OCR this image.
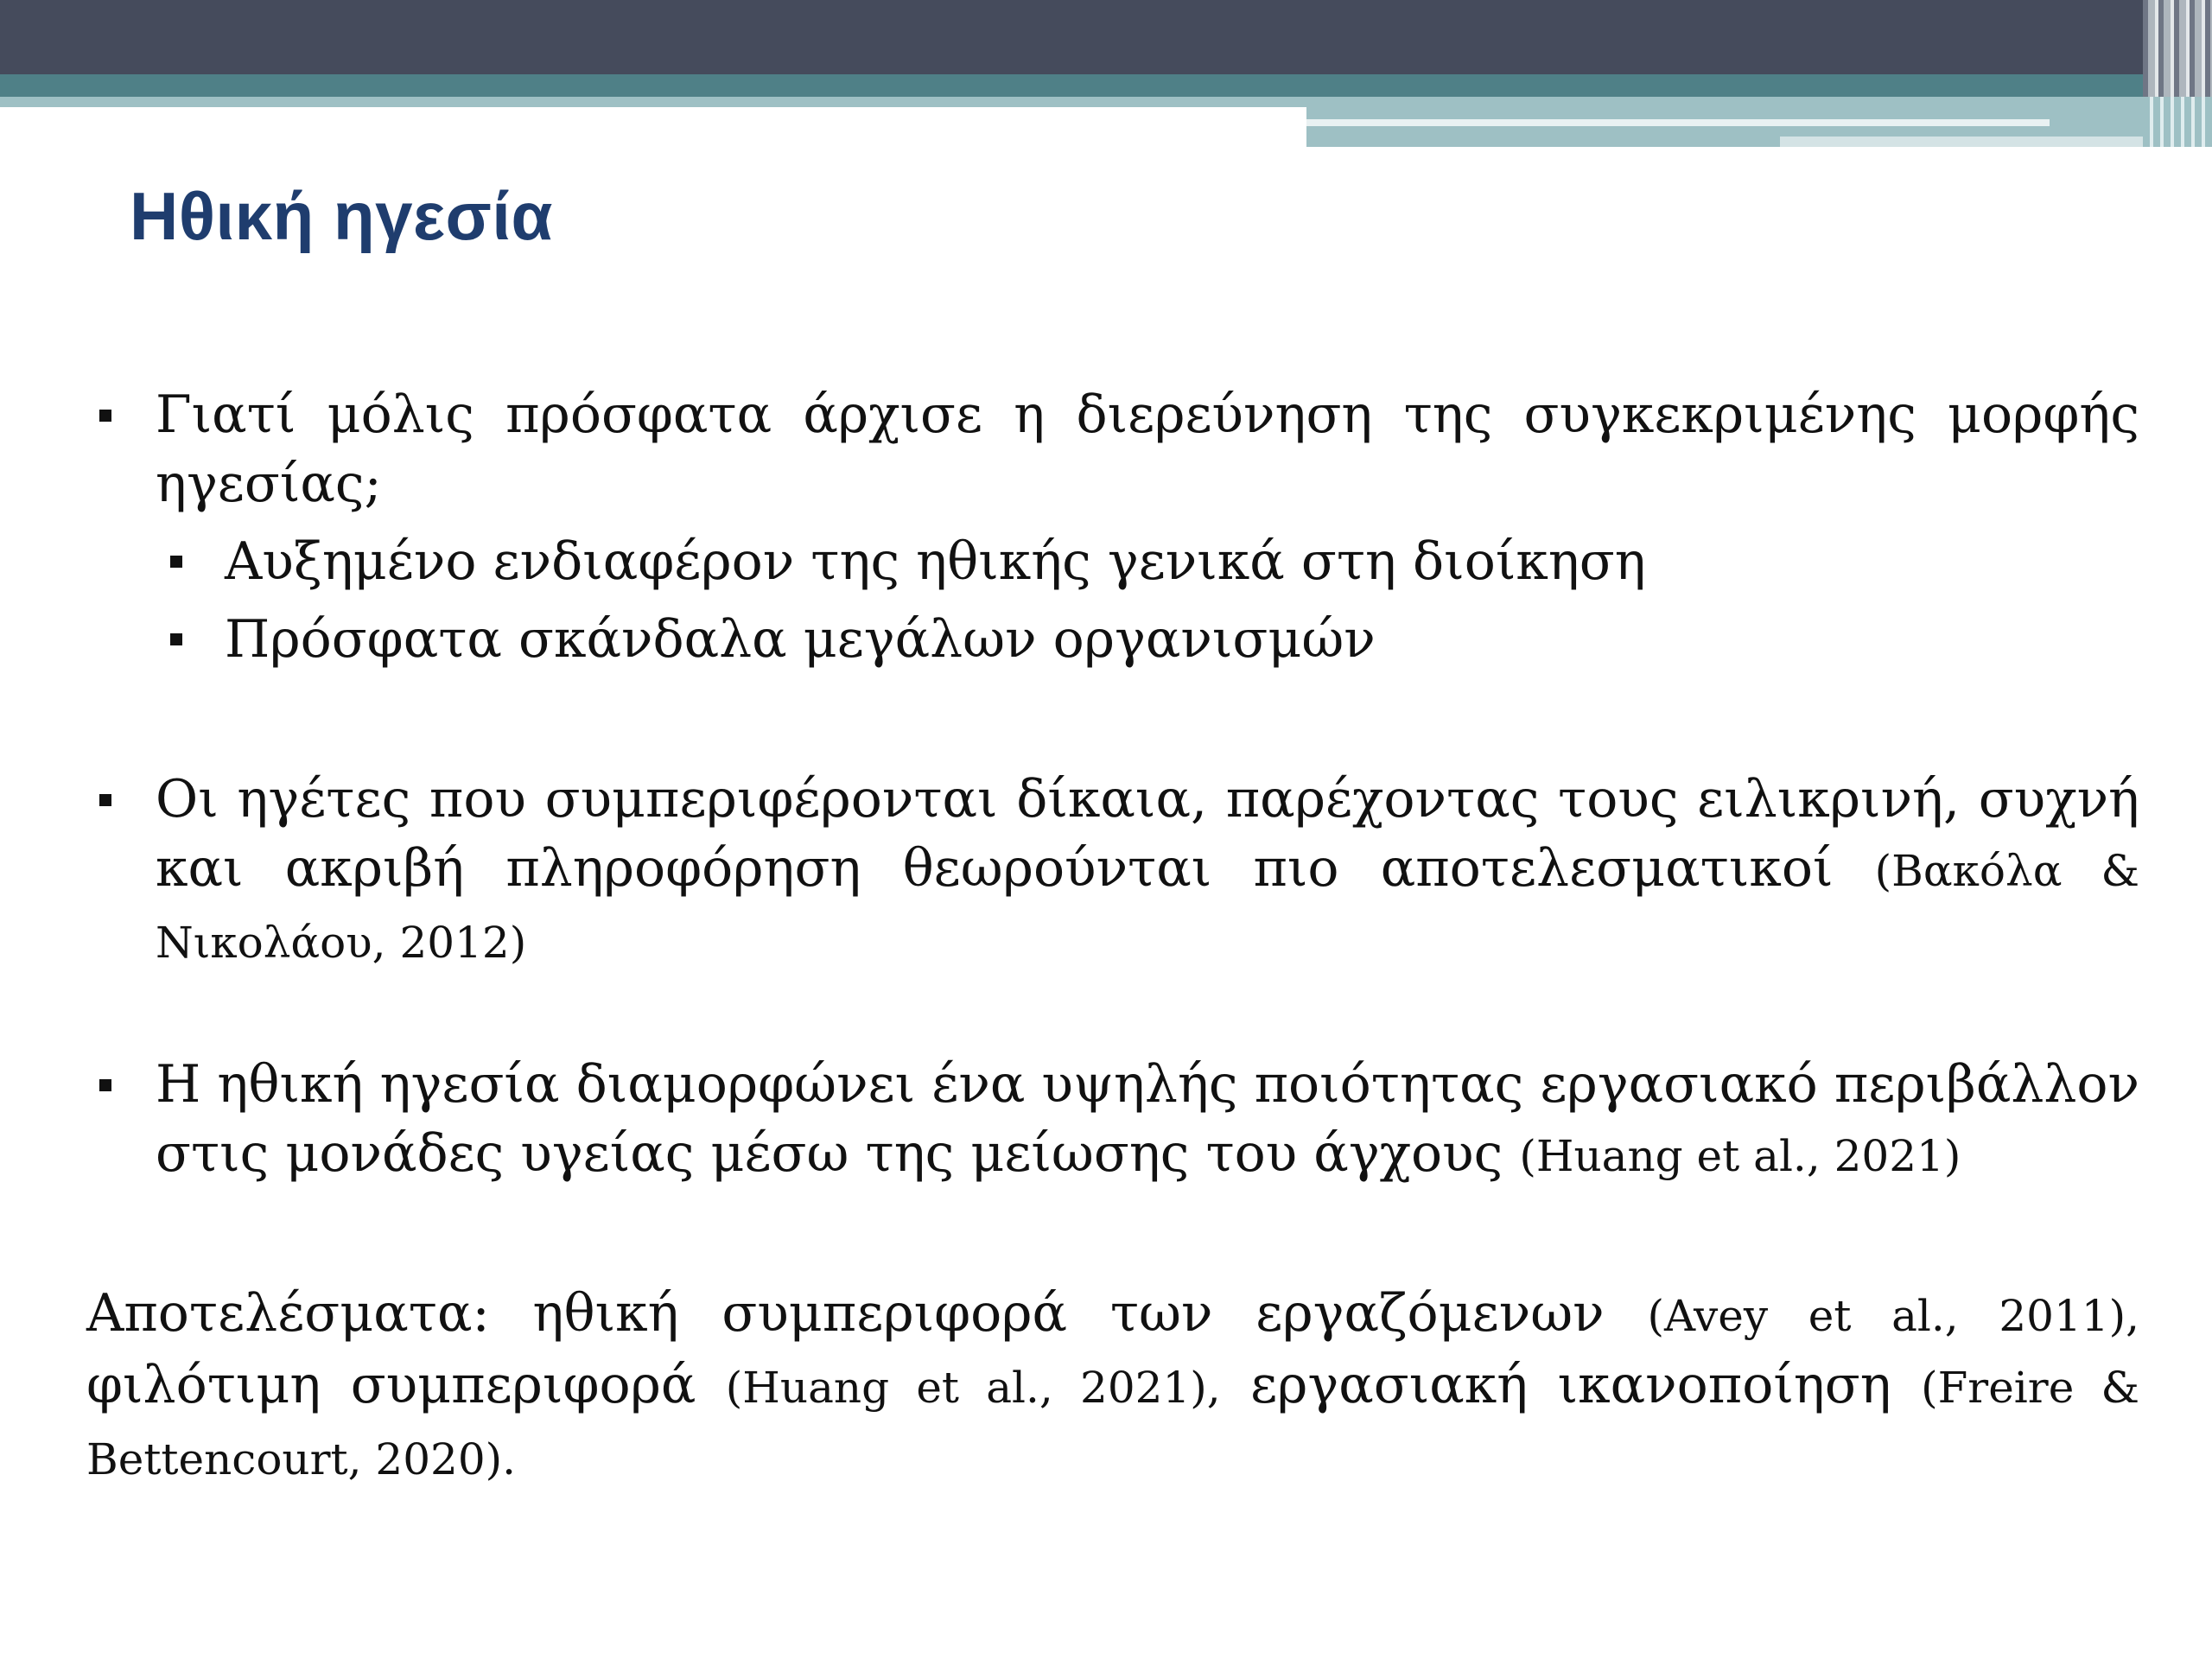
Ηθική ηγεσία
Γιατί μόλις πρόσφατα άρχισε η διερεύνηση της συγκεκριμένης μορφής ηγεσίας;
Αυξημένο ενδιαφέρον της ηθικής γενικά στη διοίκηση
Πρόσφατα σκάνδαλα μεγάλων οργανισμών
Οι ηγέτες που συμπεριφέρονται δίκαια, παρέχοντας τους ειλικρινή, συχνή και ακριβή πληροφόρηση θεωρούνται πιο αποτελεσματικοί (Βακόλα & Νικολάου, 2012)
Η ηθική ηγεσία διαμορφώνει ένα υψηλής ποιότητας εργασιακό περιβάλλον στις μονάδες υγείας μέσω της μείωσης του άγχους (Huang et al., 2021)
Αποτελέσματα: ηθική συμπεριφορά των εργαζόμενων (Avey et al., 2011), φιλότιμη συμπεριφορά (Huang et al., 2021), εργασιακή ικανοποίηση (Freire & Bettencourt, 2020).
